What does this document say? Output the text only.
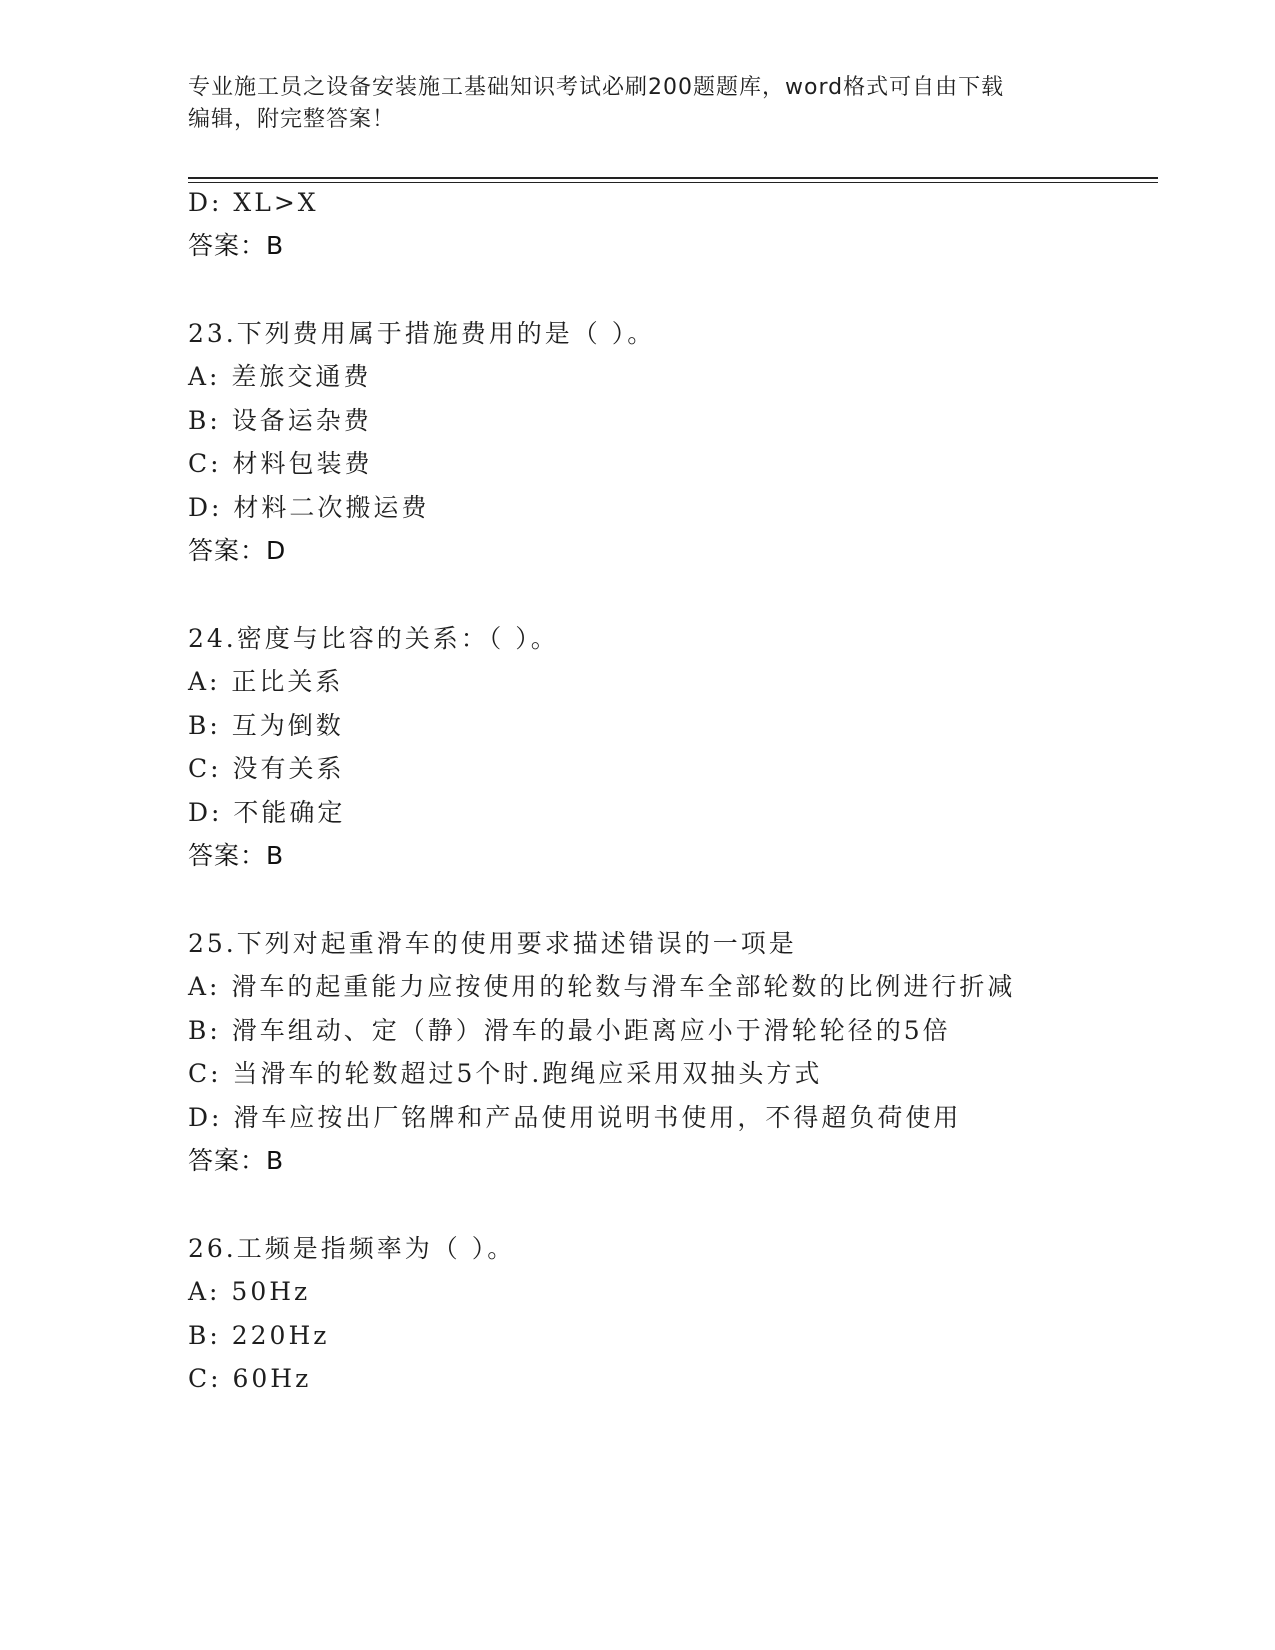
专业施工员之设备安装施工基础知识考试必刷200题题库，word格式可自由下载
编辑，附完整答案！
D: XL>X
答案：B
23.下列费用属于措施费用的是（ ）。
A: 差旅交通费
B: 设备运杂费
C: 材料包装费
D: 材料二次搬运费
答案：D
24.密度与比容的关系：（ ）。
A: 正比关系
B: 互为倒数
C: 没有关系
D: 不能确定
答案：B
25.下列对起重滑车的使用要求描述错误的一项是
A: 滑车的起重能力应按使用的轮数与滑车全部轮数的比例进行折减
B: 滑车组动、定（静）滑车的最小距离应小于滑轮轮径的5倍
C: 当滑车的轮数超过5个时.跑绳应采用双抽头方式
D: 滑车应按出厂铭牌和产品使用说明书使用，不得超负荷使用
答案：B
26.工频是指频率为（ ）。
A: 50Hz
B: 220Hz
C: 60Hz
